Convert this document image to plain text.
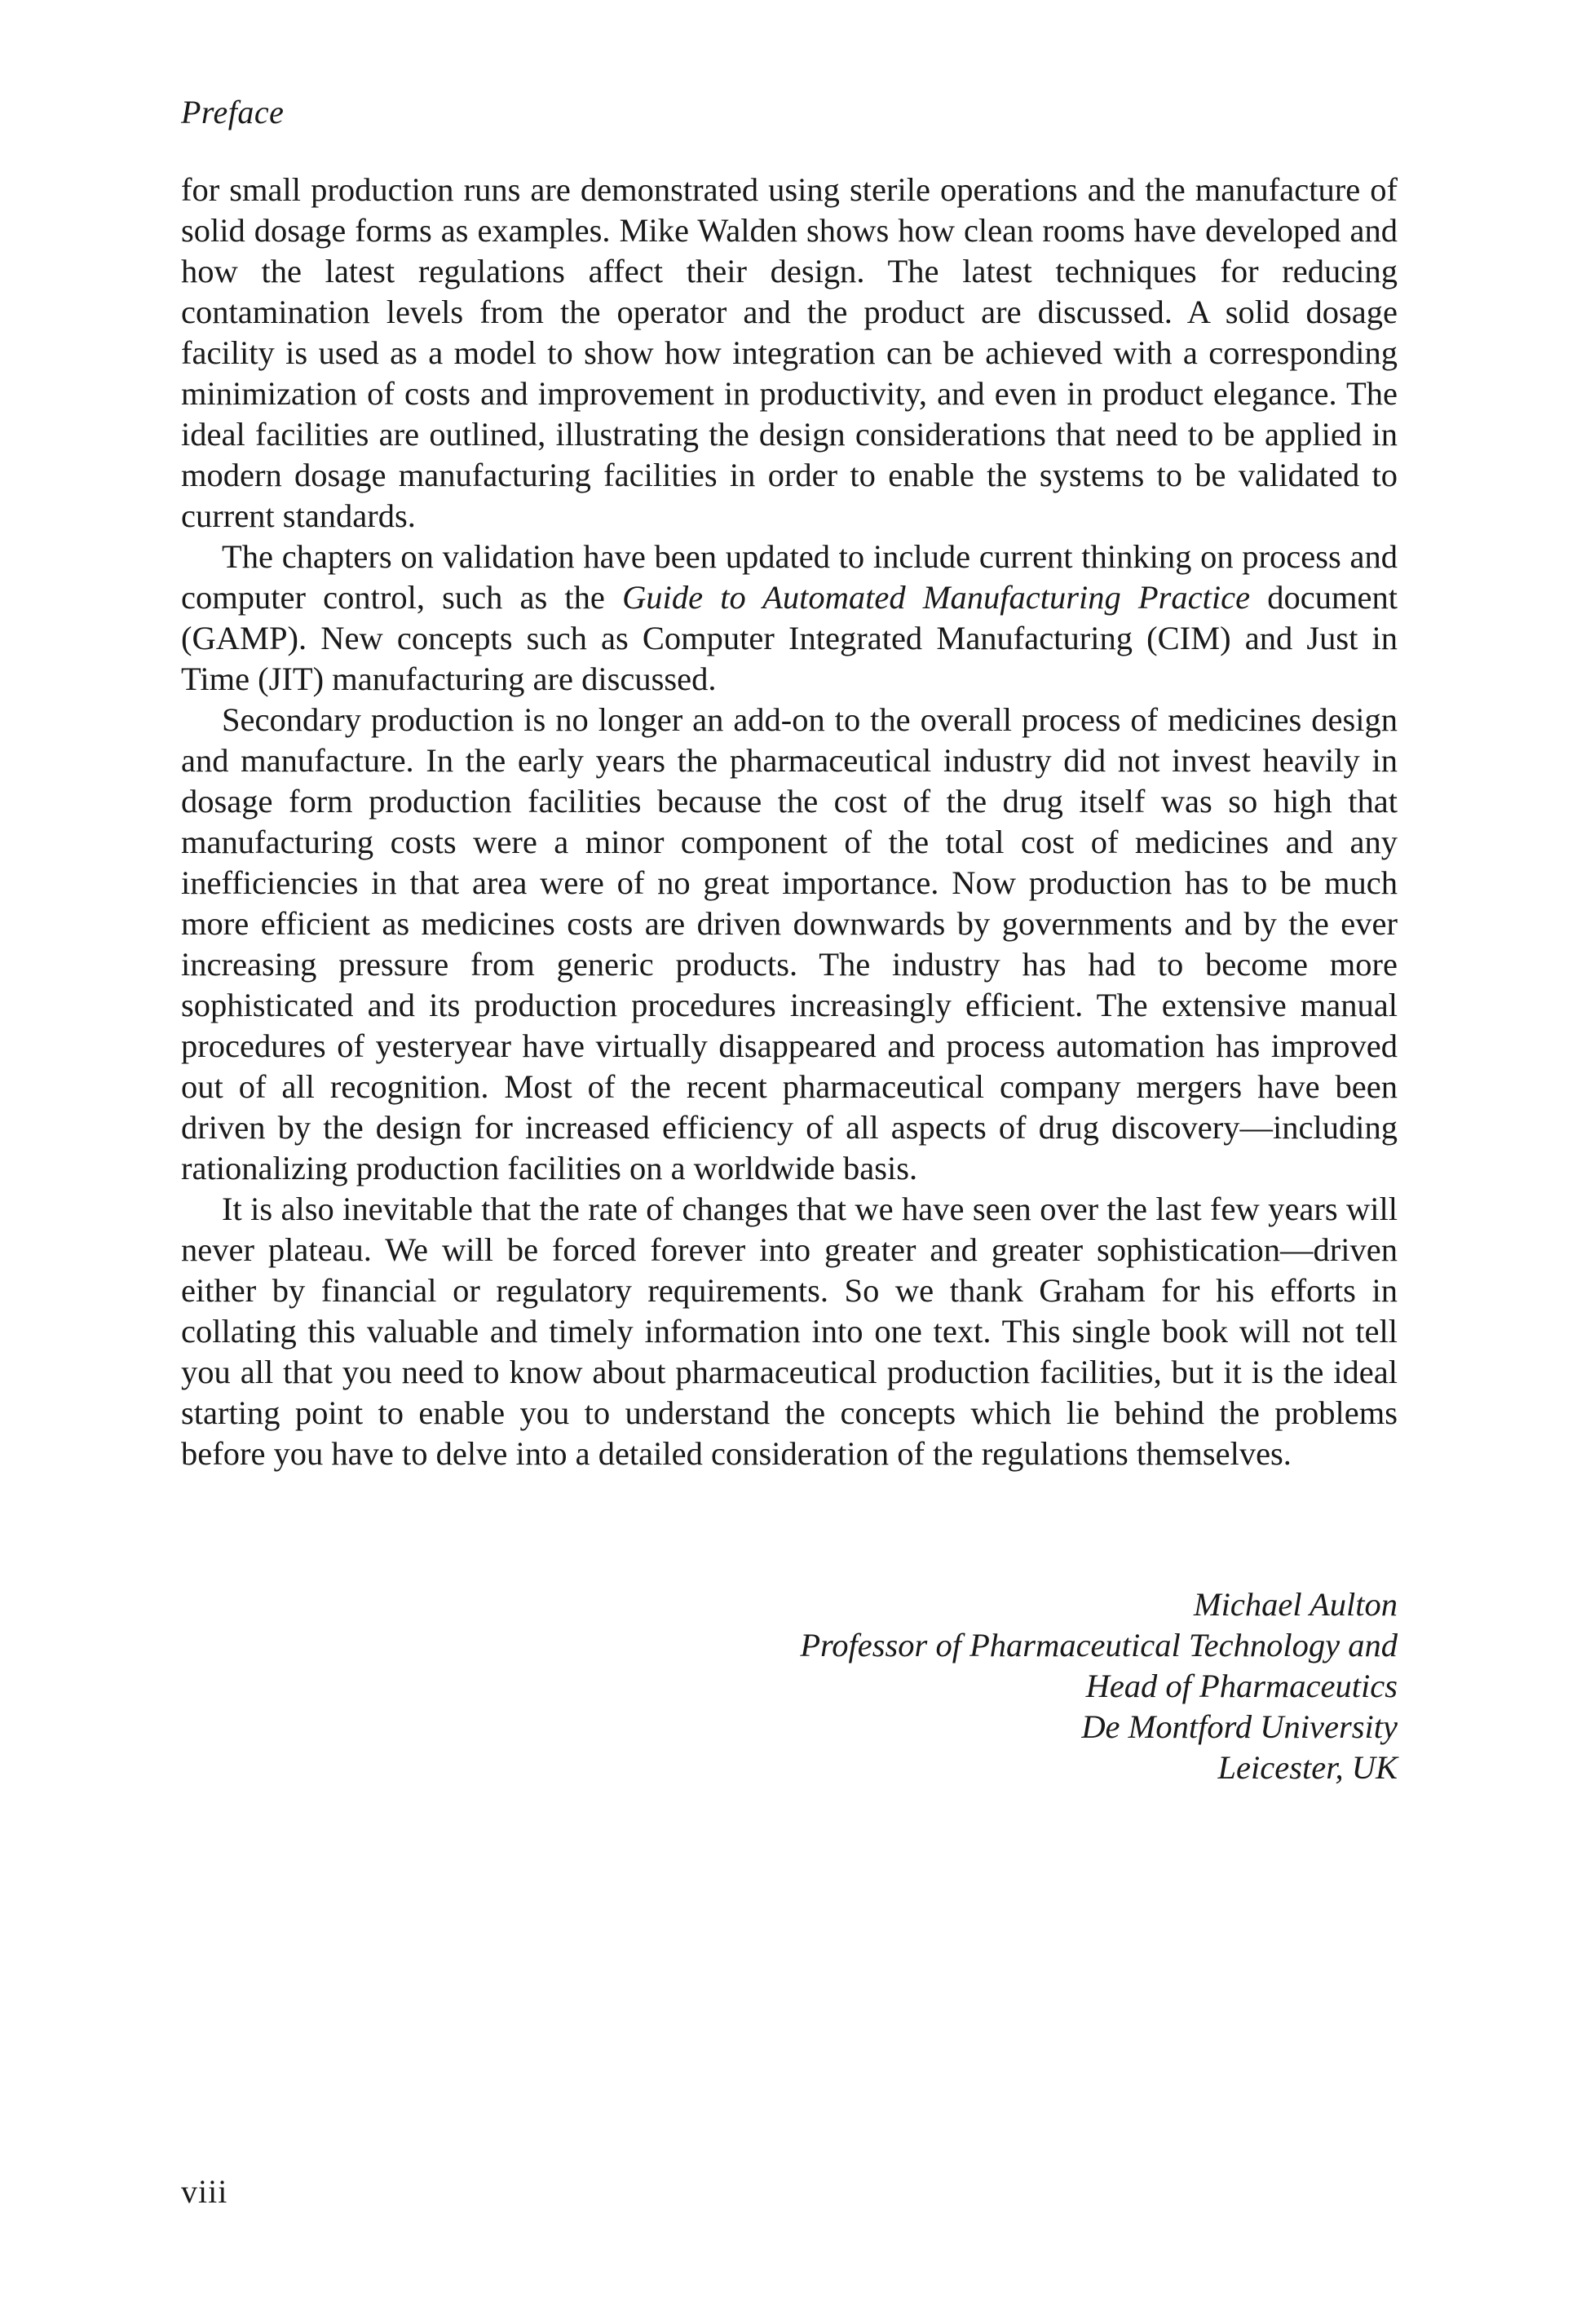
Preface

for small production runs are demonstrated using sterile operations and the manufacture of solid dosage forms as examples. Mike Walden shows how clean rooms have developed and how the latest regulations affect their design. The latest techniques for reducing contamination levels from the operator and the product are discussed. A solid dosage facility is used as a model to show how integration can be achieved with a corresponding minimization of costs and improvement in productivity, and even in product elegance. The ideal facilities are outlined, illustrating the design considerations that need to be applied in modern dosage manufacturing facilities in order to enable the systems to be validated to current standards.

The chapters on validation have been updated to include current thinking on process and computer control, such as the Guide to Automated Manufacturing Practice document (GAMP). New concepts such as Computer Integrated Manufacturing (CIM) and Just in Time (JIT) manufacturing are discussed.

Secondary production is no longer an add-on to the overall process of medicines design and manufacture. In the early years the pharmaceutical industry did not invest heavily in dosage form production facilities because the cost of the drug itself was so high that manufacturing costs were a minor component of the total cost of medicines and any inefficiencies in that area were of no great importance. Now production has to be much more efficient as medicines costs are driven downwards by governments and by the ever increasing pressure from generic products. The industry has had to become more sophisticated and its production procedures increasingly efficient. The extensive manual procedures of yesteryear have virtually disappeared and process automation has improved out of all recognition. Most of the recent pharmaceutical company mergers have been driven by the design for increased efficiency of all aspects of drug discovery—including rationalizing production facilities on a worldwide basis.

It is also inevitable that the rate of changes that we have seen over the last few years will never plateau. We will be forced forever into greater and greater sophistication—driven either by financial or regulatory requirements. So we thank Graham for his efforts in collating this valuable and timely information into one text. This single book will not tell you all that you need to know about pharmaceutical production facilities, but it is the ideal starting point to enable you to understand the concepts which lie behind the problems before you have to delve into a detailed consideration of the regulations themselves.

Michael Aulton
Professor of Pharmaceutical Technology and
Head of Pharmaceutics
De Montford University
Leicester, UK
viii
